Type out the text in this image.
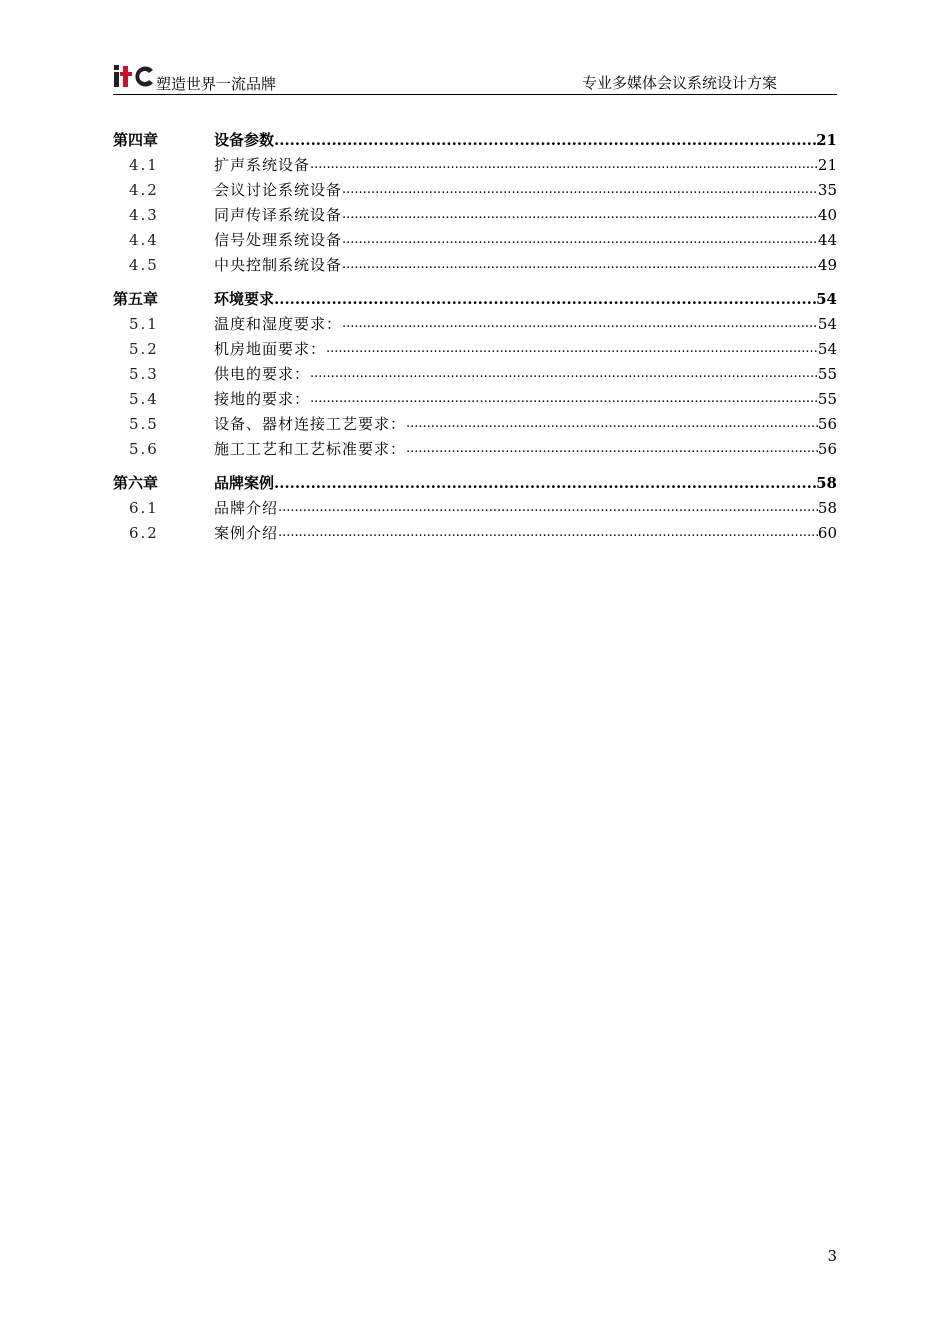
塑造世界一流品牌	专业多媒体会议系统设计方案
第四章	设备参数 .....	21
4.1	扩声系统设备 .....	21
4.2	会议讨论系统设备 .....	35
4.3	同声传译系统设备 .....	40
4.4	信号处理系统设备 .....	44
4.5	中央控制系统设备 .....	49
第五章	环境要求 .....	54
5.1	温度和湿度要求： .....	54
5.2	机房地面要求： .....	54
5.3	供电的要求： .....	55
5.4	接地的要求： .....	55
5.5	设备、器材连接工艺要求： .....	56
5.6	施工工艺和工艺标准要求： .....	56
第六章	品牌案例 .....	58
6.1	品牌介绍 .....	58
6.2	案例介绍 .....	60
3
